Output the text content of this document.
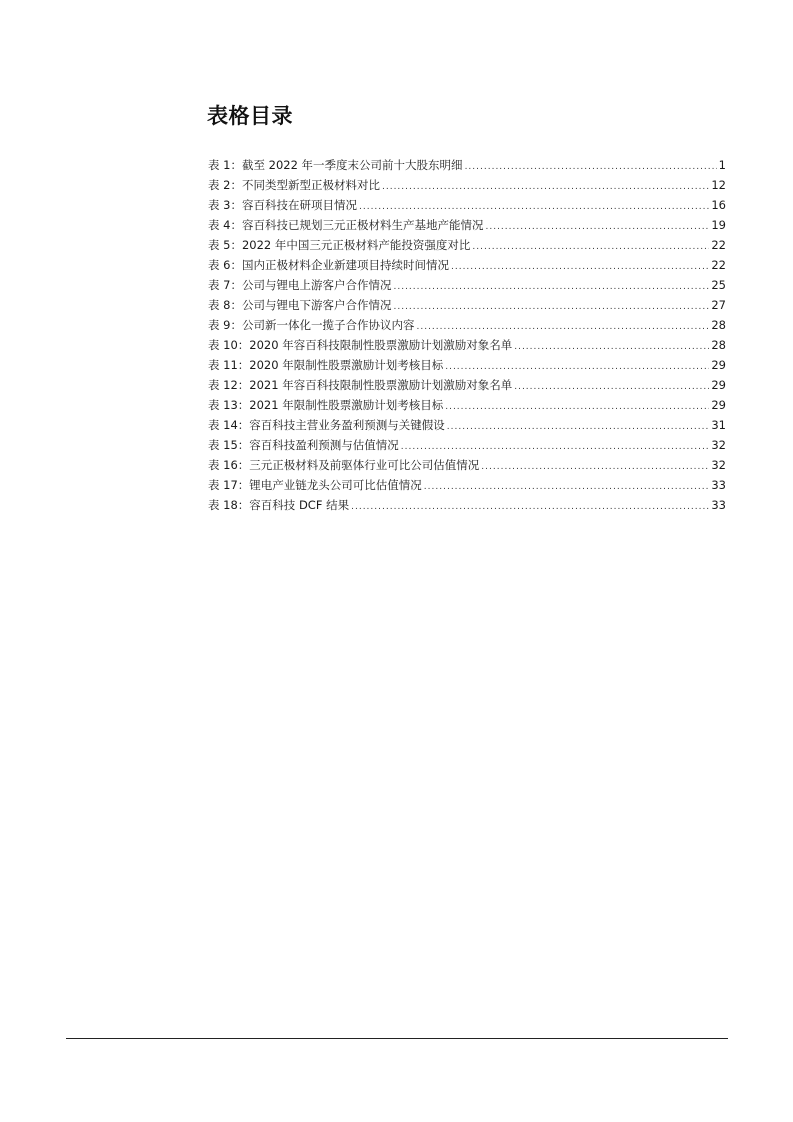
表格目录
表 1：截至 2022 年一季度末公司前十大股东明细 .....	1
表 2：不同类型新型正极材料对比 .....	12
表 3：容百科技在研项目情况 .....	16
表 4：容百科技已规划三元正极材料生产基地产能情况 .....	19
表 5：2022 年中国三元正极材料产能投资强度对比 .....	22
表 6：国内正极材料企业新建项目持续时间情况 .....	22
表 7：公司与锂电上游客户合作情况 .....	25
表 8：公司与锂电下游客户合作情况 .....	27
表 9：公司新一体化一揽子合作协议内容 .....	28
表 10：2020 年容百科技限制性股票激励计划激励对象名单 .....	28
表 11：2020 年限制性股票激励计划考核目标 .....	29
表 12：2021 年容百科技限制性股票激励计划激励对象名单 .....	29
表 13：2021 年限制性股票激励计划考核目标 .....	29
表 14：容百科技主营业务盈利预测与关键假设 .....	31
表 15：容百科技盈利预测与估值情况 .....	32
表 16：三元正极材料及前驱体行业可比公司估值情况 .....	32
表 17：锂电产业链龙头公司可比估值情况 .....	33
表 18：容百科技 DCF 结果 .....	33
